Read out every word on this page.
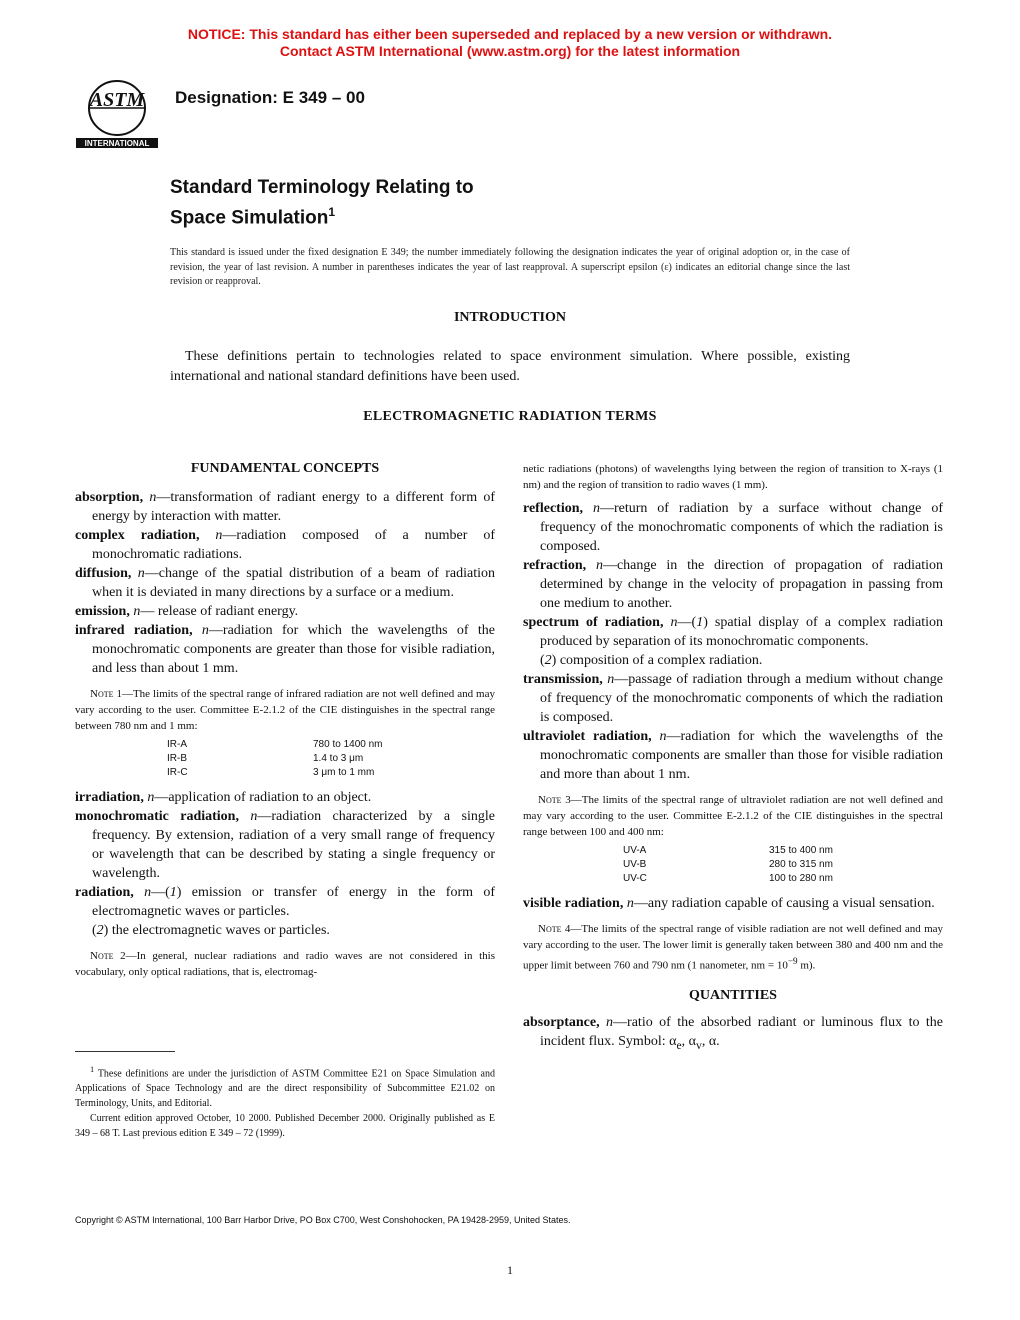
NOTICE: This standard has either been superseded and replaced by a new version or withdrawn.
Contact ASTM International (www.astm.org) for the latest information
ASTM
INTERNATIONAL
Designation: E 349 – 00
Standard Terminology Relating to
Space Simulation$^1$
This standard is issued under the fixed designation E 349; the number immediately following the designation indicates the year of original adoption or, in the case of revision, the year of last revision. A number in parentheses indicates the year of last reapproval. A superscript epsilon (ε) indicates an editorial change since the last revision or reapproval.
INTRODUCTION
These definitions pertain to technologies related to space environment simulation. Where possible, existing international and national standard definitions have been used.
ELECTROMAGNETIC RADIATION TERMS
FUNDAMENTAL CONCEPTS

absorption, n—transformation of radiant energy to a different form of energy by interaction with matter.

complex radiation, n—radiation composed of a number of monochromatic radiations.

diffusion, n—change of the spatial distribution of a beam of radiation when it is deviated in many directions by a surface or a medium.

emission, n— release of radiant energy.

infrared radiation, n—radiation for which the wavelengths of the monochromatic components are greater than those for visible radiation, and less than about 1 mm.

Note 1—The limits of the spectral range of infrared radiation are not well defined and may vary according to the user. Committee E-2.1.2 of the CIE distinguishes in the spectral range between 780 nm and 1 mm:

IR-A	780 to 1400 nm
IR-B	1.4 to 3 μm
IR-C	3 μm to 1 mm

irradiation, n—application of radiation to an object.

monochromatic radiation, n—radiation characterized by a single frequency. By extension, radiation of a very small range of frequency or wavelength that can be described by stating a single frequency or wavelength.

radiation, n—(1) emission or transfer of energy in the form of electromagnetic waves or particles.

(2) the electromagnetic waves or particles.

Note 2—In general, nuclear radiations and radio waves are not considered in this vocabulary, only optical radiations, that is, electromag-

netic radiations (photons) of wavelengths lying between the region of transition to X-rays (1 nm) and the region of transition to radio waves (1 mm).

reflection, n—return of radiation by a surface without change of frequency of the monochromatic components of which the radiation is composed.

refraction, n—change in the direction of propagation of radiation determined by change in the velocity of propagation in passing from one medium to another.

spectrum of radiation, n—(1) spatial display of a complex radiation produced by separation of its monochromatic components.

(2) composition of a complex radiation.

transmission, n—passage of radiation through a medium without change of frequency of the monochromatic components of which the radiation is composed.

ultraviolet radiation, n—radiation for which the wavelengths of the monochromatic components are smaller than those for visible radiation and more than about 1 nm.

Note 3—The limits of the spectral range of ultraviolet radiation are not well defined and may vary according to the user. Committee E-2.1.2 of the CIE distinguishes in the spectral range between 100 and 400 nm:

UV-A	315 to 400 nm
UV-B	280 to 315 nm
UV-C	100 to 280 nm

visible radiation, n—any radiation capable of causing a visual sensation.

Note 4—The limits of the spectral range of visible radiation are not well defined and may vary according to the user. The lower limit is generally taken between 380 and 400 nm and the upper limit between 760 and 790 nm (1 nanometer, nm = $10^{-9}$ m).

QUANTITIES

absorptance, n—ratio of the absorbed radiant or luminous flux to the incident flux. Symbol: $\alpha_e$, $\alpha_v$, α.

$^1$ These definitions are under the jurisdiction of ASTM Committee E21 on Space Simulation and Applications of Space Technology and are the direct responsibility of Subcommittee E21.02 on Terminology, Units, and Editorial.

Current edition approved October, 10 2000. Published December 2000. Originally published as E 349 – 68 T. Last previous edition E 349 – 72 (1999).

Copyright © ASTM International, 100 Barr Harbor Drive, PO Box C700, West Conshohocken, PA 19428-2959, United States.
1
